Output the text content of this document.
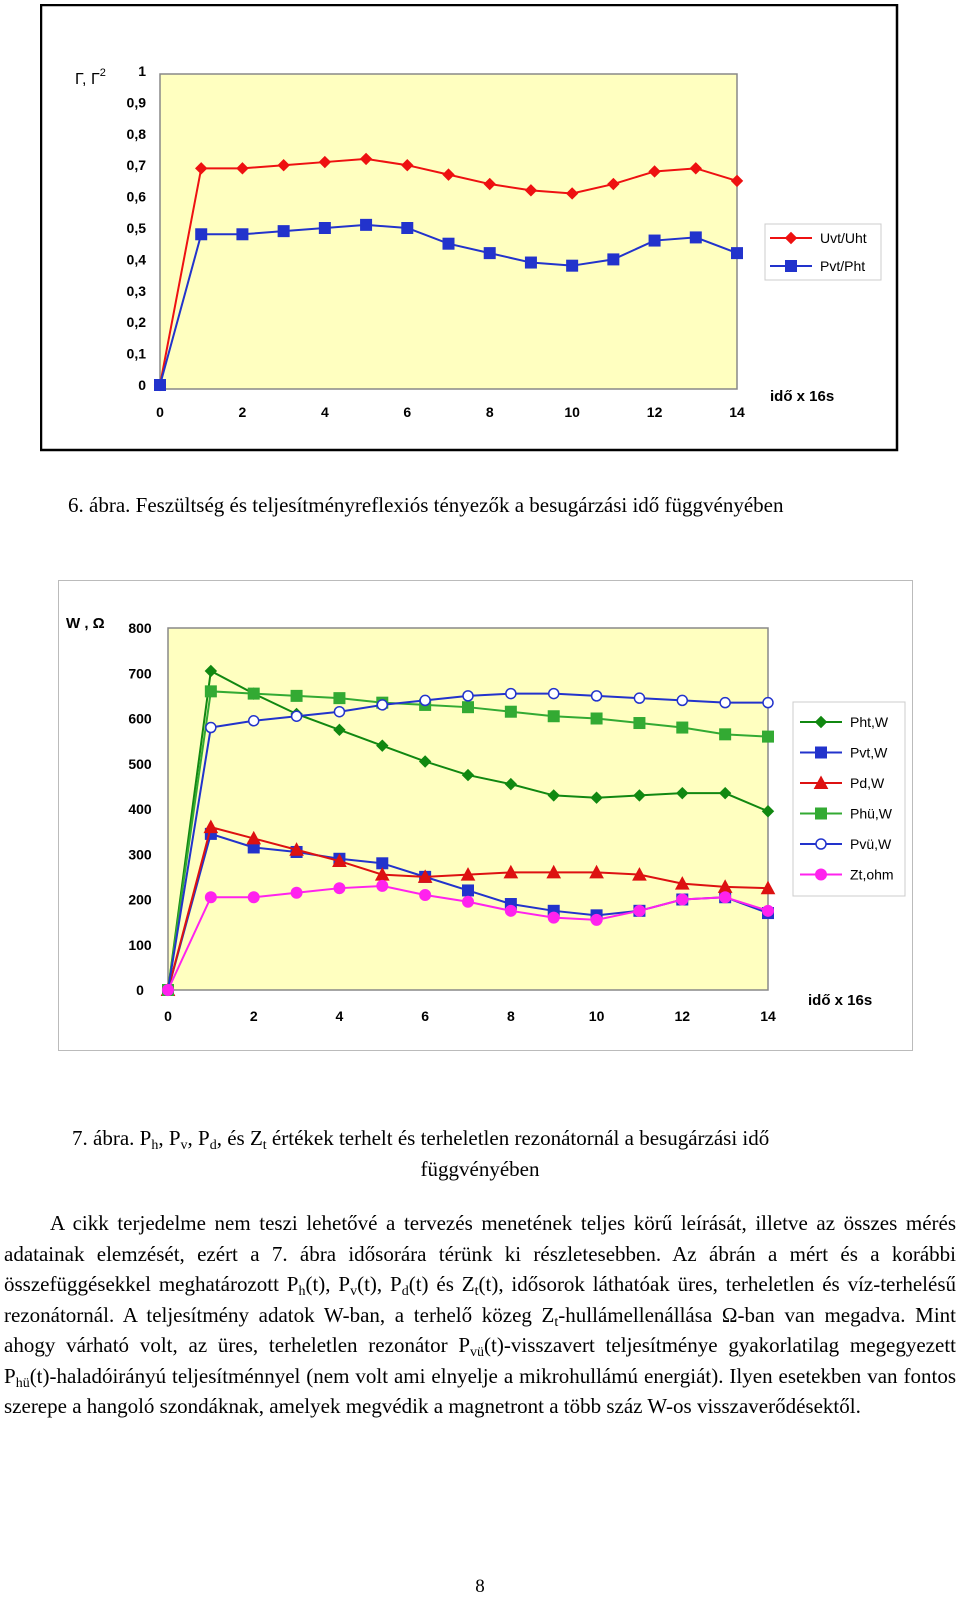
Γ, $\Gamma^2$
0
0,1
0,2
0,3
0,4
0,5
0,6
0,7
0,8
0,9
1
0	2	4	6	8	10	12	14
idő x 16s
Uvt/Uht
Pvt/Pht
6. ábra. Feszültség és teljesítményreflexiós tényezők a besugárzási idő függvényében
W , Ω
0
100
200
300
400
500
600
700
800
0	2	4	6	8	10	12	14
idő x 16s
Pht,W
Pvt,W
Pd,W
Phü,W
Pvü,W
Zt,ohm
7. ábra. $P_h$, $P_v$, $P_d$, és $Z_t$ értékek terhelt és terheletlen rezonátornál a besugárzási idő
függvényében

A cikk terjedelme nem teszi lehetővé a tervezés menetének teljes körű leírását, illetve az összes mérés adatainak elemzését, ezért a 7. ábra idősorára térünk ki részletesebben. Az ábrán a mért és a korábbi összefüggésekkel meghatározott $P_h(t)$, $P_v(t)$, $P_d(t)$ és $Z_t(t)$, idősorok láthatóak üres, terheletlen és víz-terhelésű rezonátornál. A teljesítmény adatok W-ban, a terhelő közeg $Z_t$-hullámellenállása Ω-ban van megadva. Mint ahogy várható volt, az üres, terheletlen rezonátor $P_{vü}(t)$-visszavert teljesítménye gyakorlatilag megegyezett $P_{hü}(t)$-haladóirányú teljesítménnyel (nem volt ami elnyelje a mikrohullámú energiát). Ilyen esetekben van fontos szerepe a hangoló szondáknak, amelyek megvédik a magnetront a több száz W-os visszaverődésektől.

8
